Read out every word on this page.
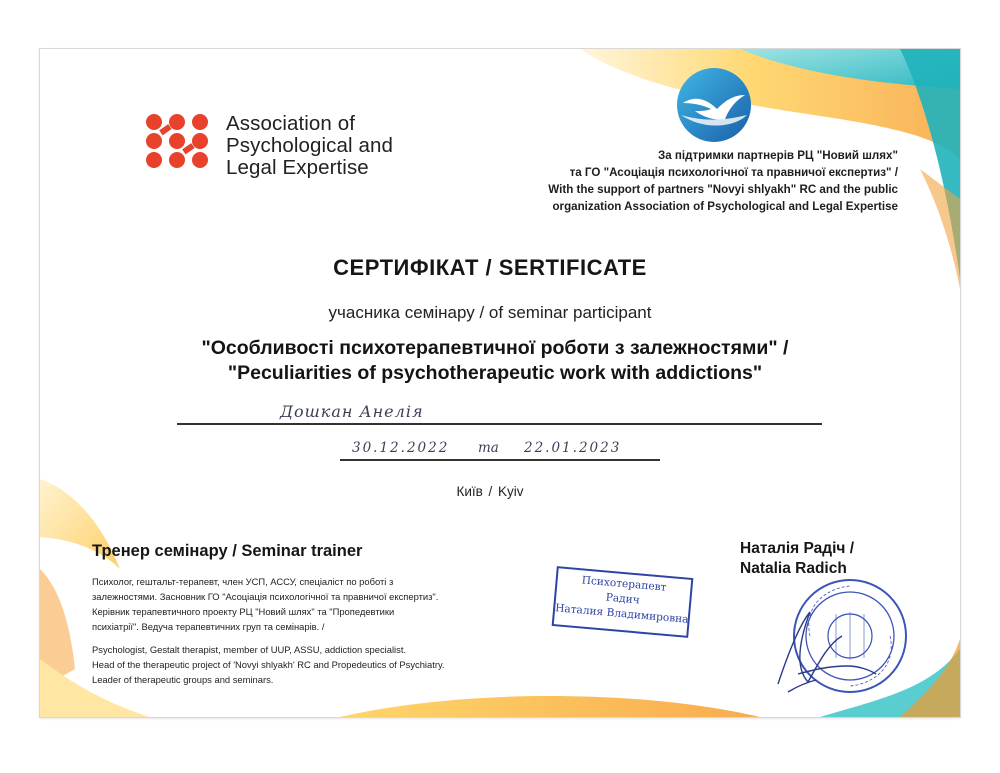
Association of
Psychological and
Legal Expertise
За підтримки партнерів РЦ "Новий шлях"
та ГО "Асоціація психологічної та правничої експертиз" /
With the support of partners "Novyi shlyakh" RC and the public
organization Association of Psychological and Legal Expertise
СЕРТИФІКАТ / SERTIFICATE
учасника семінару / of seminar participant
"Особливості психотерапевтичної роботи з залежностями" /
"Peculiarities of psychotherapeutic work with addictions"
Дошкан Анелія
30.12.2022 та 22.01.2023
Київ / Kyiv
Тренер семінару / Seminar trainer
Психолог, гештальт-терапевт, член УСП, АССУ, спеціаліст по роботі з
залежностями. Засновник ГО "Асоціація психологічної та правничої експертиз".
Керівник терапевтичного проекту РЦ "Новий шлях" та "Пропедевтики
психіатрії". Ведуча терапевтичних груп та семінарів. /
Psychologist, Gestalt therapist, member of UUP, ASSU, addiction specialist.
Head of the therapeutic project of 'Novyi shlyakh' RC and Propedeutics of Psychiatry.
Leader of therapeutic groups and seminars.
Наталія Радіч /
Natalia Radich
Психотерапевт
Радич
Наталия Владимировна
